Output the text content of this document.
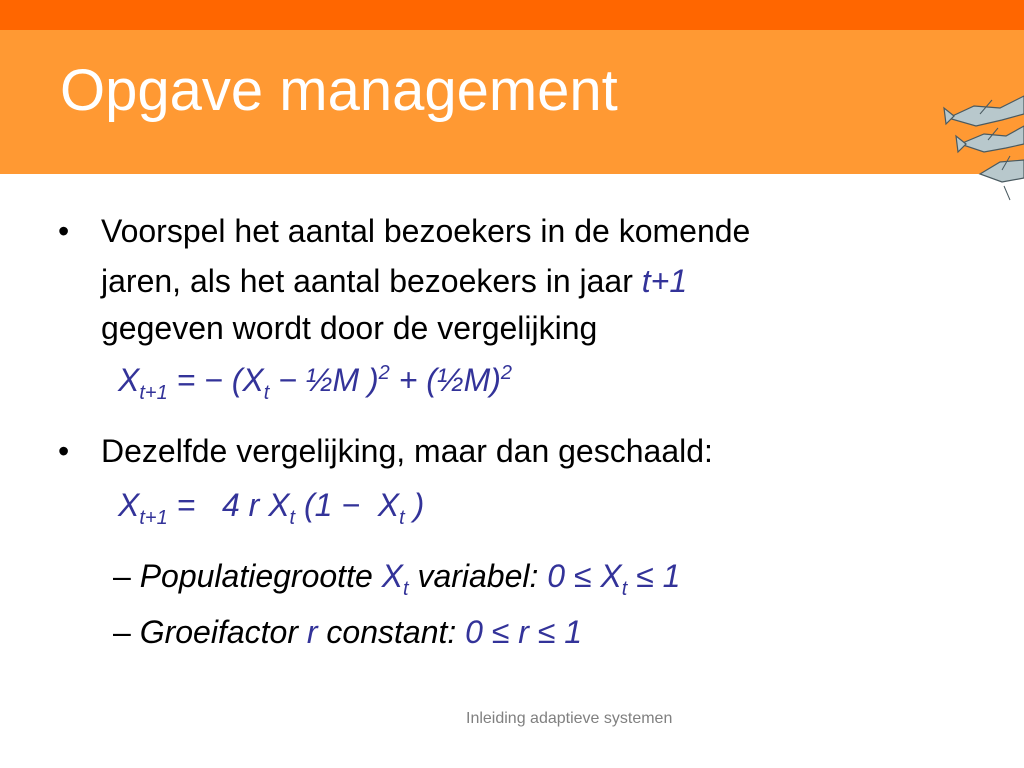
Opgave management
• Voorspel het aantal bezoekers in de komende
jaren, als het aantal bezoekers in jaar t+1
gegeven wordt door de vergelijking
$X_{t+1}$ = − ($X_t$ − ½M )$^2$ + (½M)$^2$
• Dezelfde vergelijking, maar dan geschaald:
$X_{t+1} = 4$ r $X_t$ ($1 - X_t$ )
– Populatiegrootte $X_t$ variabel: $0 \le X_t \le 1$
– Groeifactor r constant: 0 ≤ r ≤ 1
Inleiding adaptieve systemen
